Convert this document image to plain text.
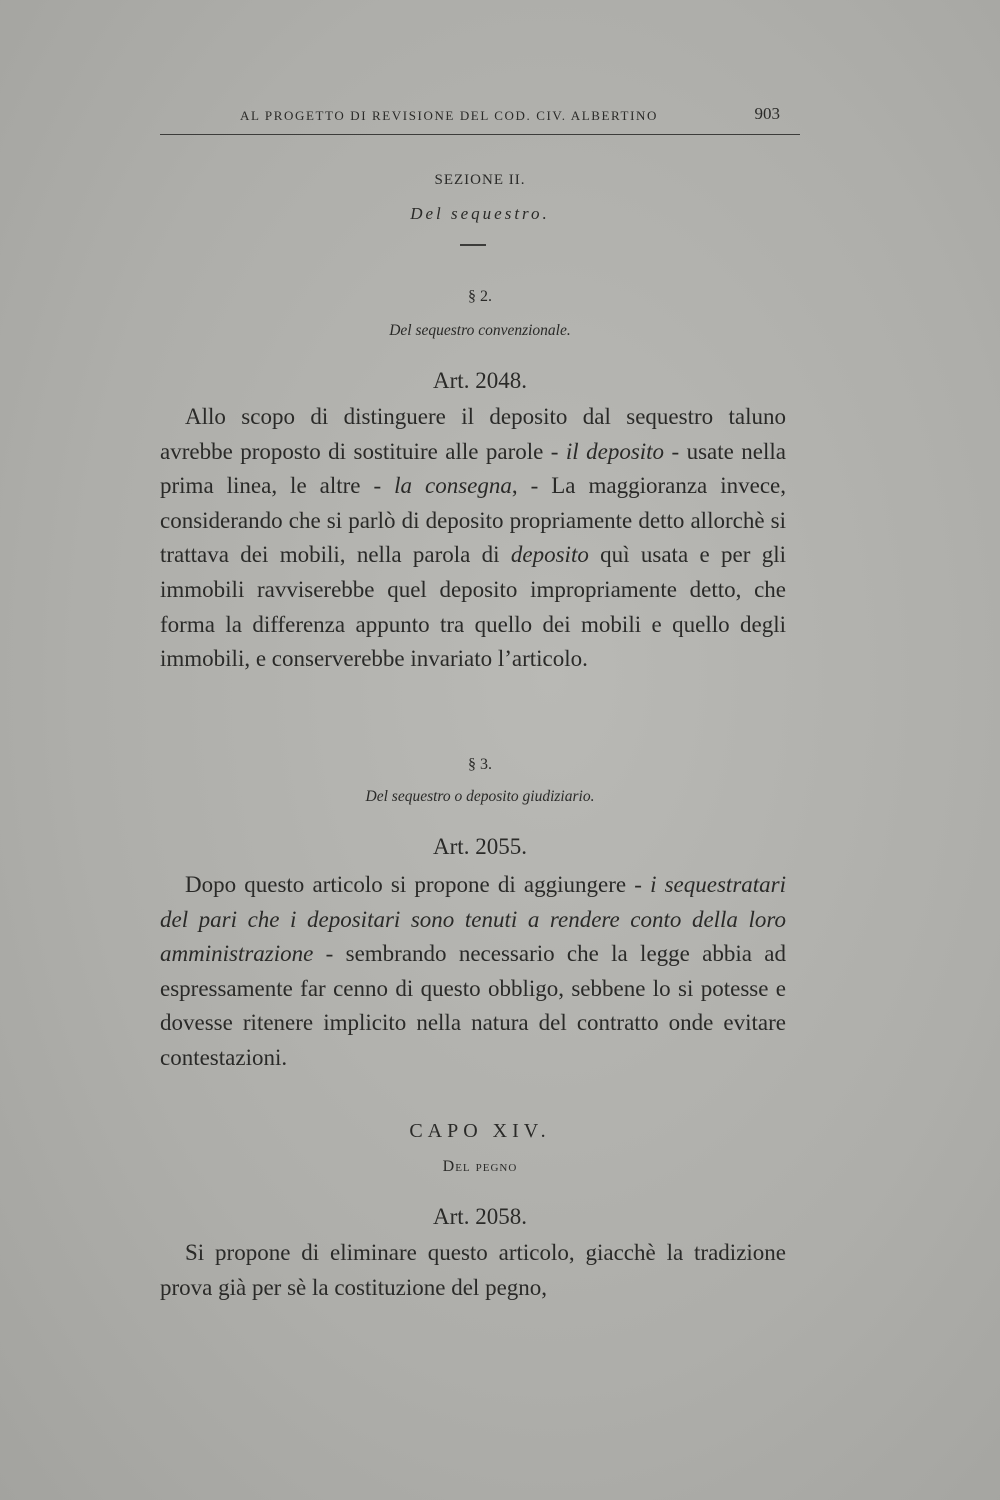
AL PROGETTO DI REVISIONE DEL COD. CIV. ALBERTINO	903
SEZIONE II.
Del sequestro.
§ 2.
Del sequestro convenzionale.
Art. 2048.
Allo scopo di distinguere il deposito dal sequestro taluno avrebbe proposto di sostituire alle parole - il deposito - usate nella prima linea, le altre - la consegna, - La maggioranza invece, considerando che si parlò di deposito propriamente detto allorchè si trattava dei mobili, nella parola di deposito quì usata e per gli immobili ravviserebbe quel deposito impropriamente detto, che forma la differenza appunto tra quello dei mobili e quello degli immobili, e conserverebbe invariato l’articolo.
§ 3.
Del sequestro o deposito giudiziario.
Art. 2055.
Dopo questo articolo si propone di aggiungere - i sequestratari del pari che i depositari sono tenuti a rendere conto della loro amministrazione - sembrando necessario che la legge abbia ad espressamente far cenno di questo obbligo, sebbene lo si potesse e dovesse ritenere implicito nella natura del contratto onde evitare contestazioni.
CAPO XIV.
Del pegno
Art. 2058.
Si propone di eliminare questo articolo, giacchè la tradizione prova già per sè la costituzione del pegno,
